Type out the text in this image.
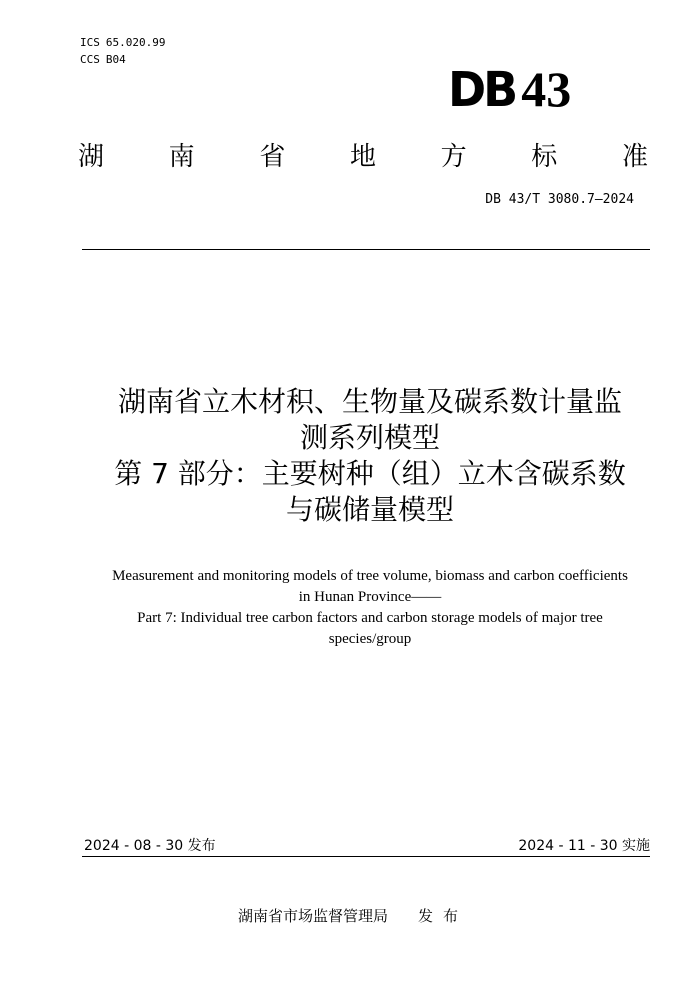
ICS 65.020.99
CCS B04
DB 43
湖 南 省 地 方 标 准
DB 43/T 3080.7—2024
湖南省立木材积、生物量及碳系数计量监
测系列模型
第 7 部分：主要树种（组）立木含碳系数
与碳储量模型
Measurement and monitoring models of tree volume, biomass and carbon coefficients
in Hunan Province——
Part 7: Individual tree carbon factors and carbon storage models of major tree
species/group
2024 - 08 - 30 发布	2024 - 11 - 30 实施
湖南省市场监督管理局 发布
